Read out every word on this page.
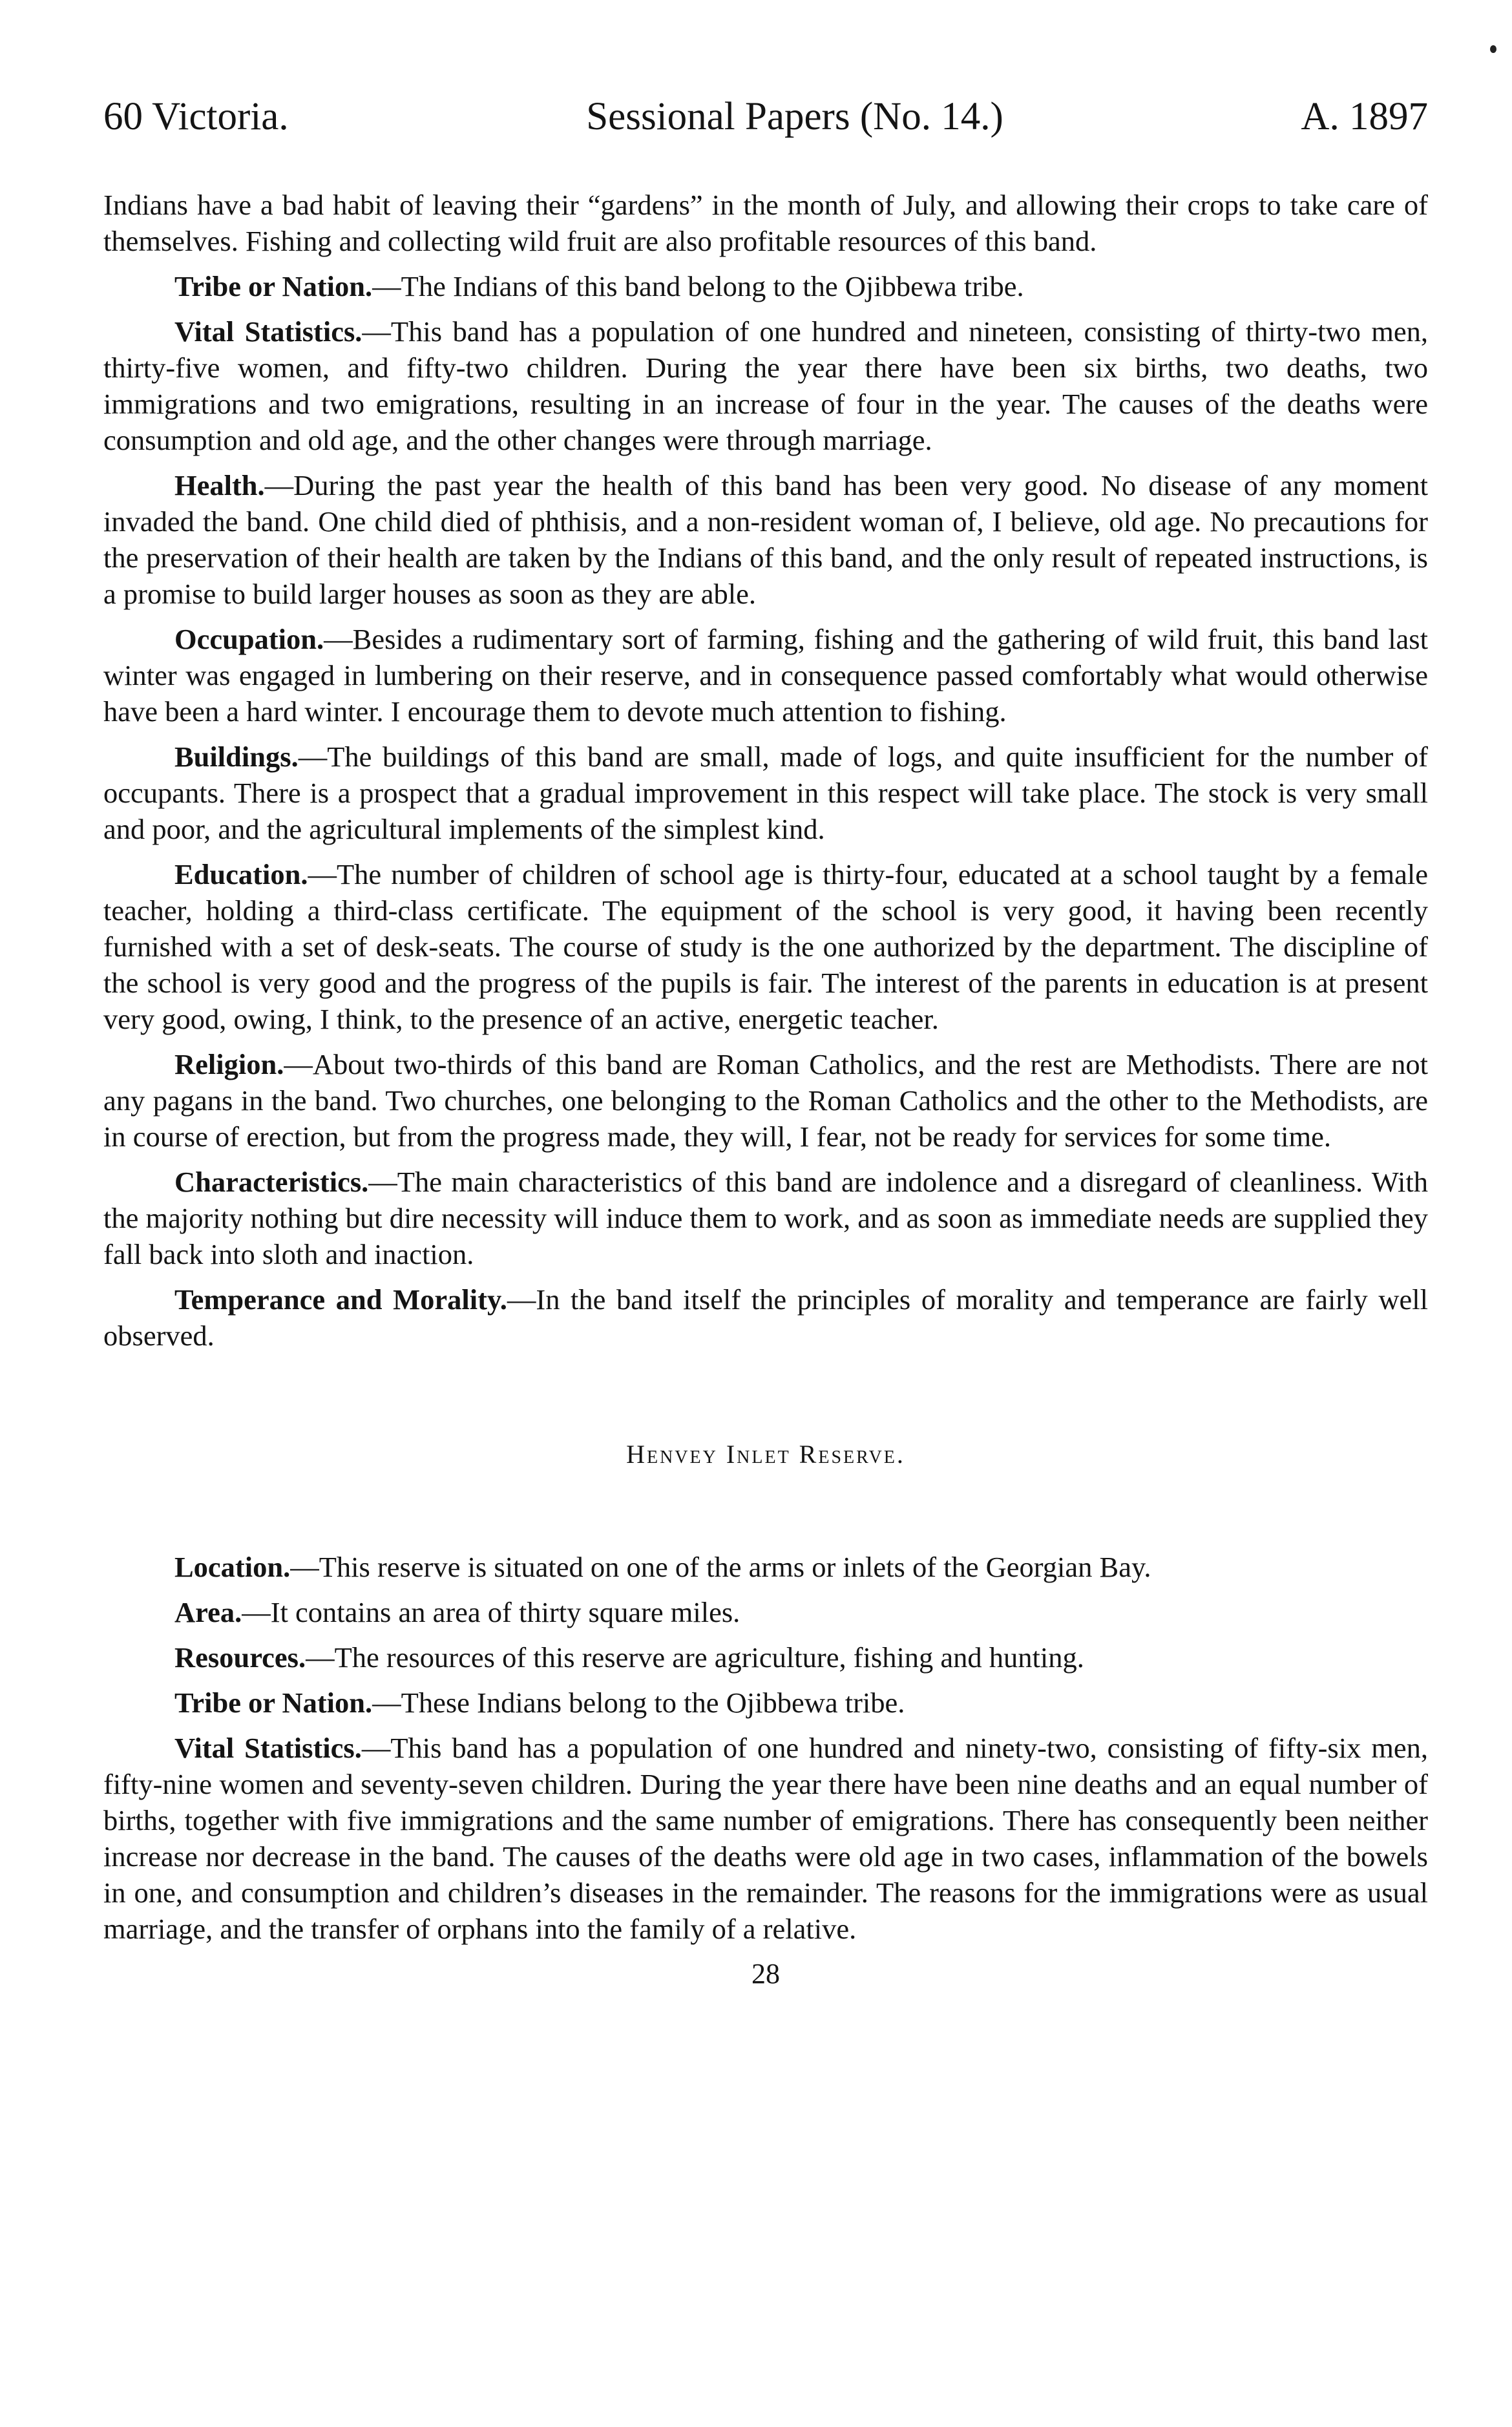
60 Victoria.	Sessional Papers (No. 14.)	A. 1897

Indians have a bad habit of leaving their “gardens” in the month of July, and allowing their crops to take care of themselves. Fishing and collecting wild fruit are also profitable resources of this band.

Tribe or Nation.—The Indians of this band belong to the Ojibbewa tribe.

Vital Statistics.—This band has a population of one hundred and nineteen, consisting of thirty-two men, thirty-five women, and fifty-two children. During the year there have been six births, two deaths, two immigrations and two emigrations, resulting in an increase of four in the year. The causes of the deaths were consumption and old age, and the other changes were through marriage.

Health.—During the past year the health of this band has been very good. No disease of any moment invaded the band. One child died of phthisis, and a non-resident woman of, I believe, old age. No precautions for the preservation of their health are taken by the Indians of this band, and the only result of repeated instructions, is a promise to build larger houses as soon as they are able.

Occupation.—Besides a rudimentary sort of farming, fishing and the gathering of wild fruit, this band last winter was engaged in lumbering on their reserve, and in consequence passed comfortably what would otherwise have been a hard winter. I encourage them to devote much attention to fishing.

Buildings.—The buildings of this band are small, made of logs, and quite insufficient for the number of occupants. There is a prospect that a gradual improvement in this respect will take place. The stock is very small and poor, and the agricultural implements of the simplest kind.

Education.—The number of children of school age is thirty-four, educated at a school taught by a female teacher, holding a third-class certificate. The equipment of the school is very good, it having been recently furnished with a set of desk-seats. The course of study is the one authorized by the department. The discipline of the school is very good and the progress of the pupils is fair. The interest of the parents in education is at present very good, owing, I think, to the presence of an active, energetic teacher.

Religion.—About two-thirds of this band are Roman Catholics, and the rest are Methodists. There are not any pagans in the band. Two churches, one belonging to the Roman Catholics and the other to the Methodists, are in course of erection, but from the progress made, they will, I fear, not be ready for services for some time.

Characteristics.—The main characteristics of this band are indolence and a disregard of cleanliness. With the majority nothing but dire necessity will induce them to work, and as soon as immediate needs are supplied they fall back into sloth and inaction.

Temperance and Morality.—In the band itself the principles of morality and temperance are fairly well observed.

Henvey Inlet Reserve.

Location.—This reserve is situated on one of the arms or inlets of the Georgian Bay.

Area.—It contains an area of thirty square miles.

Resources.—The resources of this reserve are agriculture, fishing and hunting.

Tribe or Nation.—These Indians belong to the Ojibbewa tribe.

Vital Statistics.—This band has a population of one hundred and ninety-two, consisting of fifty-six men, fifty-nine women and seventy-seven children. During the year there have been nine deaths and an equal number of births, together with five immigrations and the same number of emigrations. There has consequently been neither increase nor decrease in the band. The causes of the deaths were old age in two cases, inflammation of the bowels in one, and consumption and children’s diseases in the remainder. The reasons for the immigrations were as usual marriage, and the transfer of orphans into the family of a relative.

28
